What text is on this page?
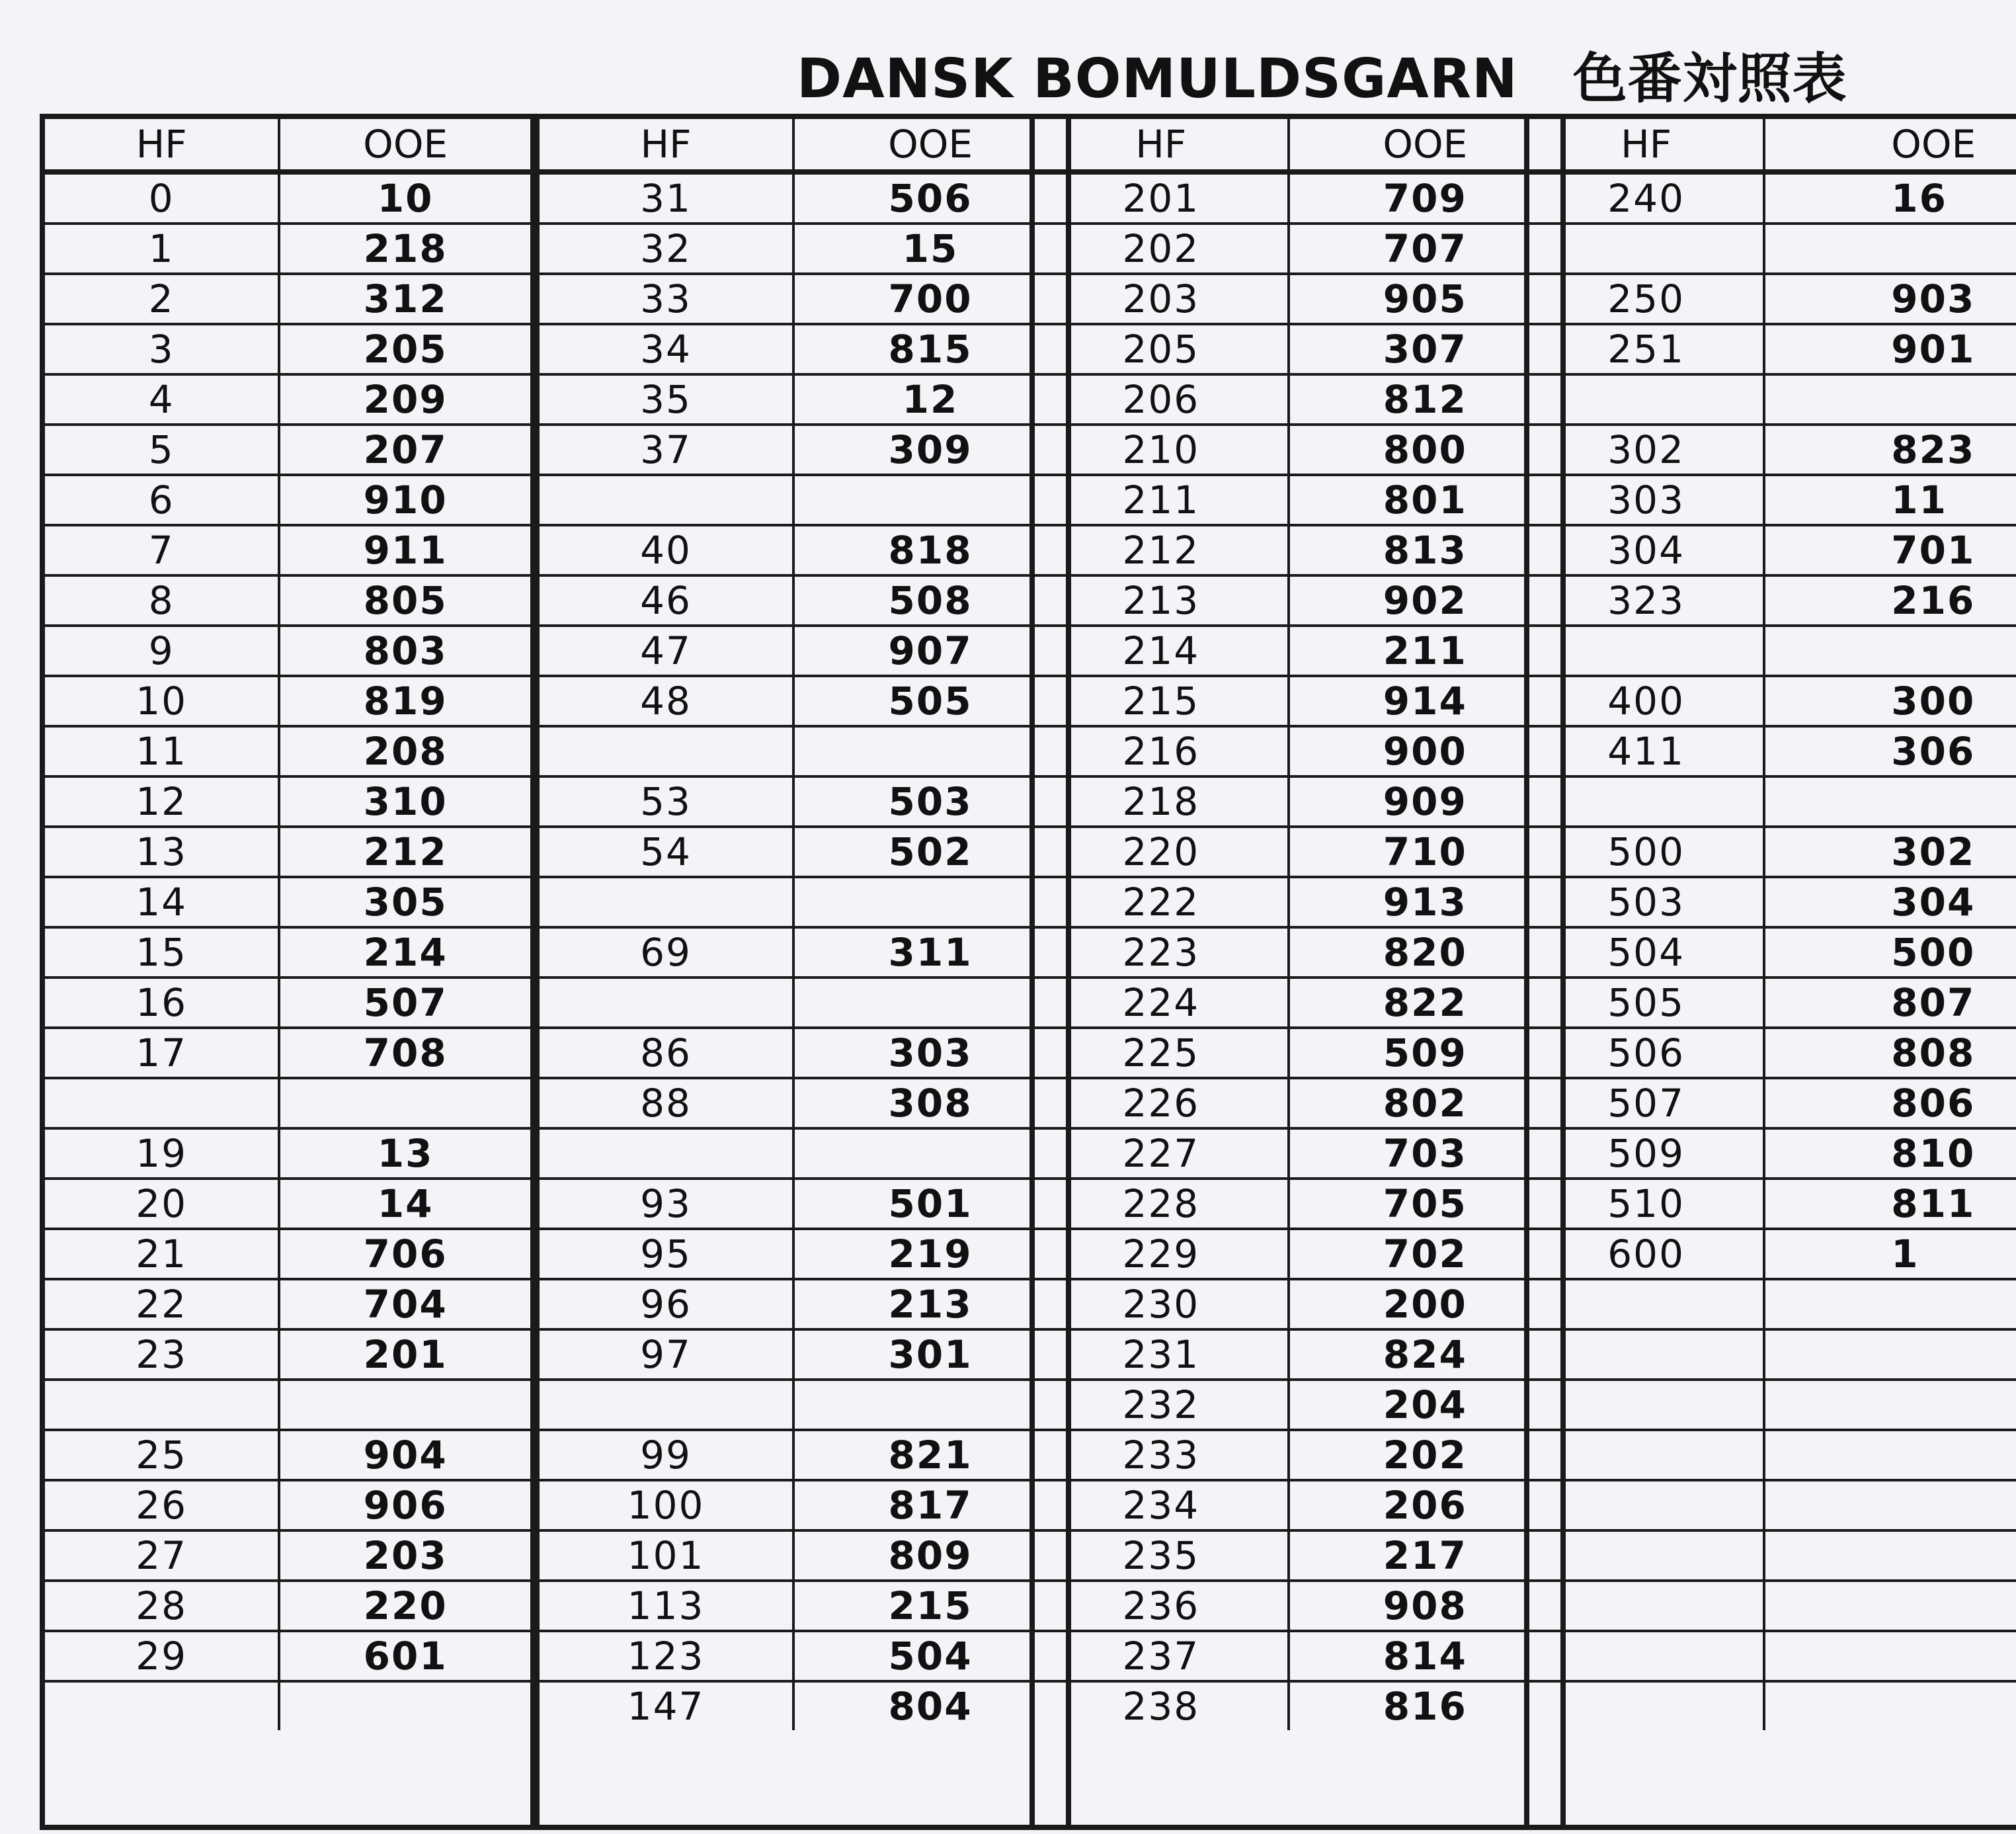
DANSK BOMULDSGARN　色番対照表
HF	OOE
0	10
1	218
2	312
3	205
4	209
5	207
6	910
7	911
8	805
9	803
10	819
11	208
12	310
13	212
14	305
15	214
16	507
17	708

19	13
20	14
21	706
22	704
23	201

25	904
26	906
27	203
28	220
29	601

HF	OOE
31	506
32	15
33	700
34	815
35	12
37	309

40	818
46	508
47	907
48	505

53	503
54	502

69	311

86	303
88	308

93	501
95	219
96	213
97	301

99	821
100	817
101	809
113	215
123	504
147	804
HF	OOE
201	709
202	707
203	905
205	307
206	812
210	800
211	801
212	813
213	902
214	211
215	914
216	900
218	909
220	710
222	913
223	820
224	822
225	509
226	802
227	703
228	705
229	702
230	200
231	824
232	204
233	202
234	206
235	217
236	908
237	814
238	816
HF	OOE
240	16

250	903
251	901

302	823
303	11
304	701
323	216

400	300
411	306

500	302
503	304
504	500
505	807
506	808
507	806
509	810
510	811
600	1
